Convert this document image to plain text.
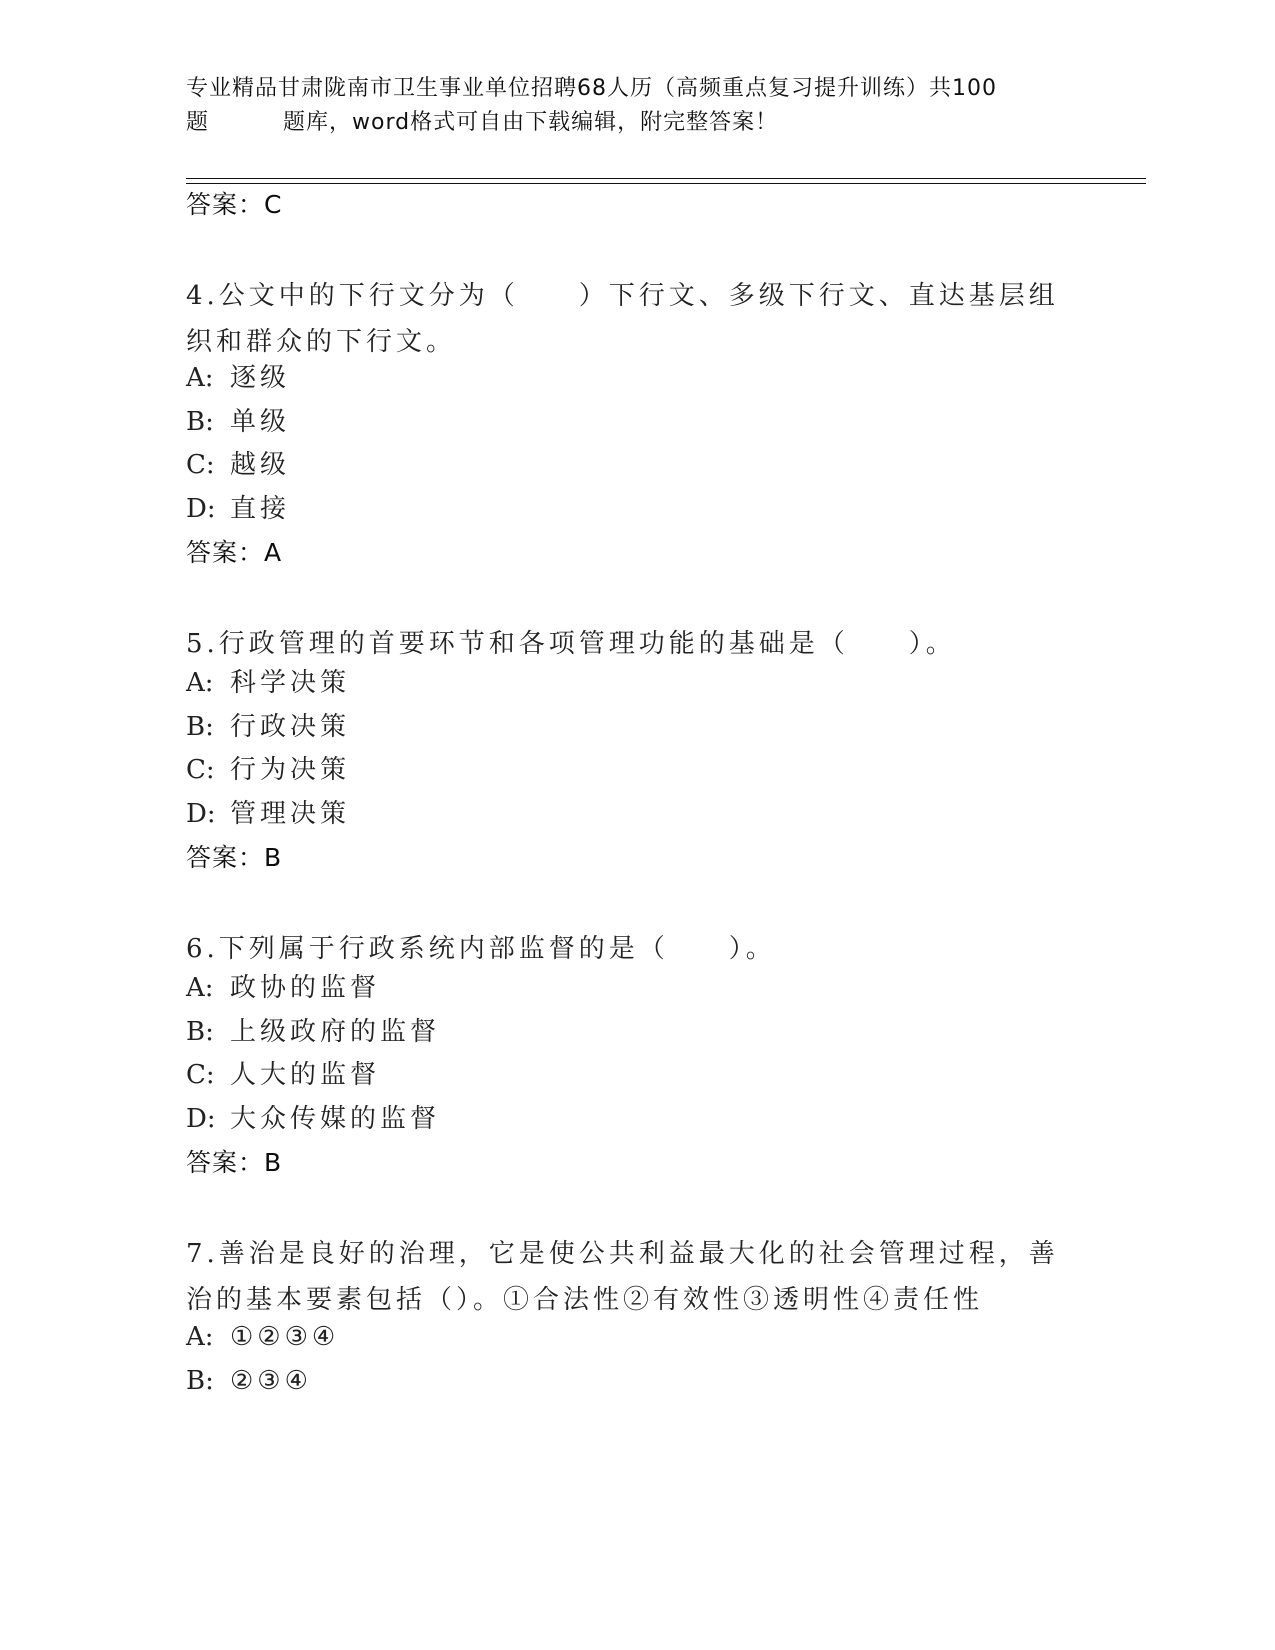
专业精品甘肃陇南市卫生事业单位招聘68人历（高频重点复习提升训练）共100
题	题库，word格式可自由下载编辑，附完整答案！
答案：C
4.公文中的下行文分为（　　）下行文、多级下行文、直达基层组织和群众的下行文。
A: 逐级
B: 单级
C: 越级
D: 直接
答案：A
5.行政管理的首要环节和各项管理功能的基础是（　　）。
A: 科学决策
B: 行政决策
C: 行为决策
D: 管理决策
答案：B
6.下列属于行政系统内部监督的是（　　）。
A: 政协的监督
B: 上级政府的监督
C: 人大的监督
D: 大众传媒的监督
答案：B
7.善治是良好的治理，它是使公共利益最大化的社会管理过程，善治的基本要素包括（）。①合法性②有效性③透明性④责任性
A: ①②③④
B: ②③④
